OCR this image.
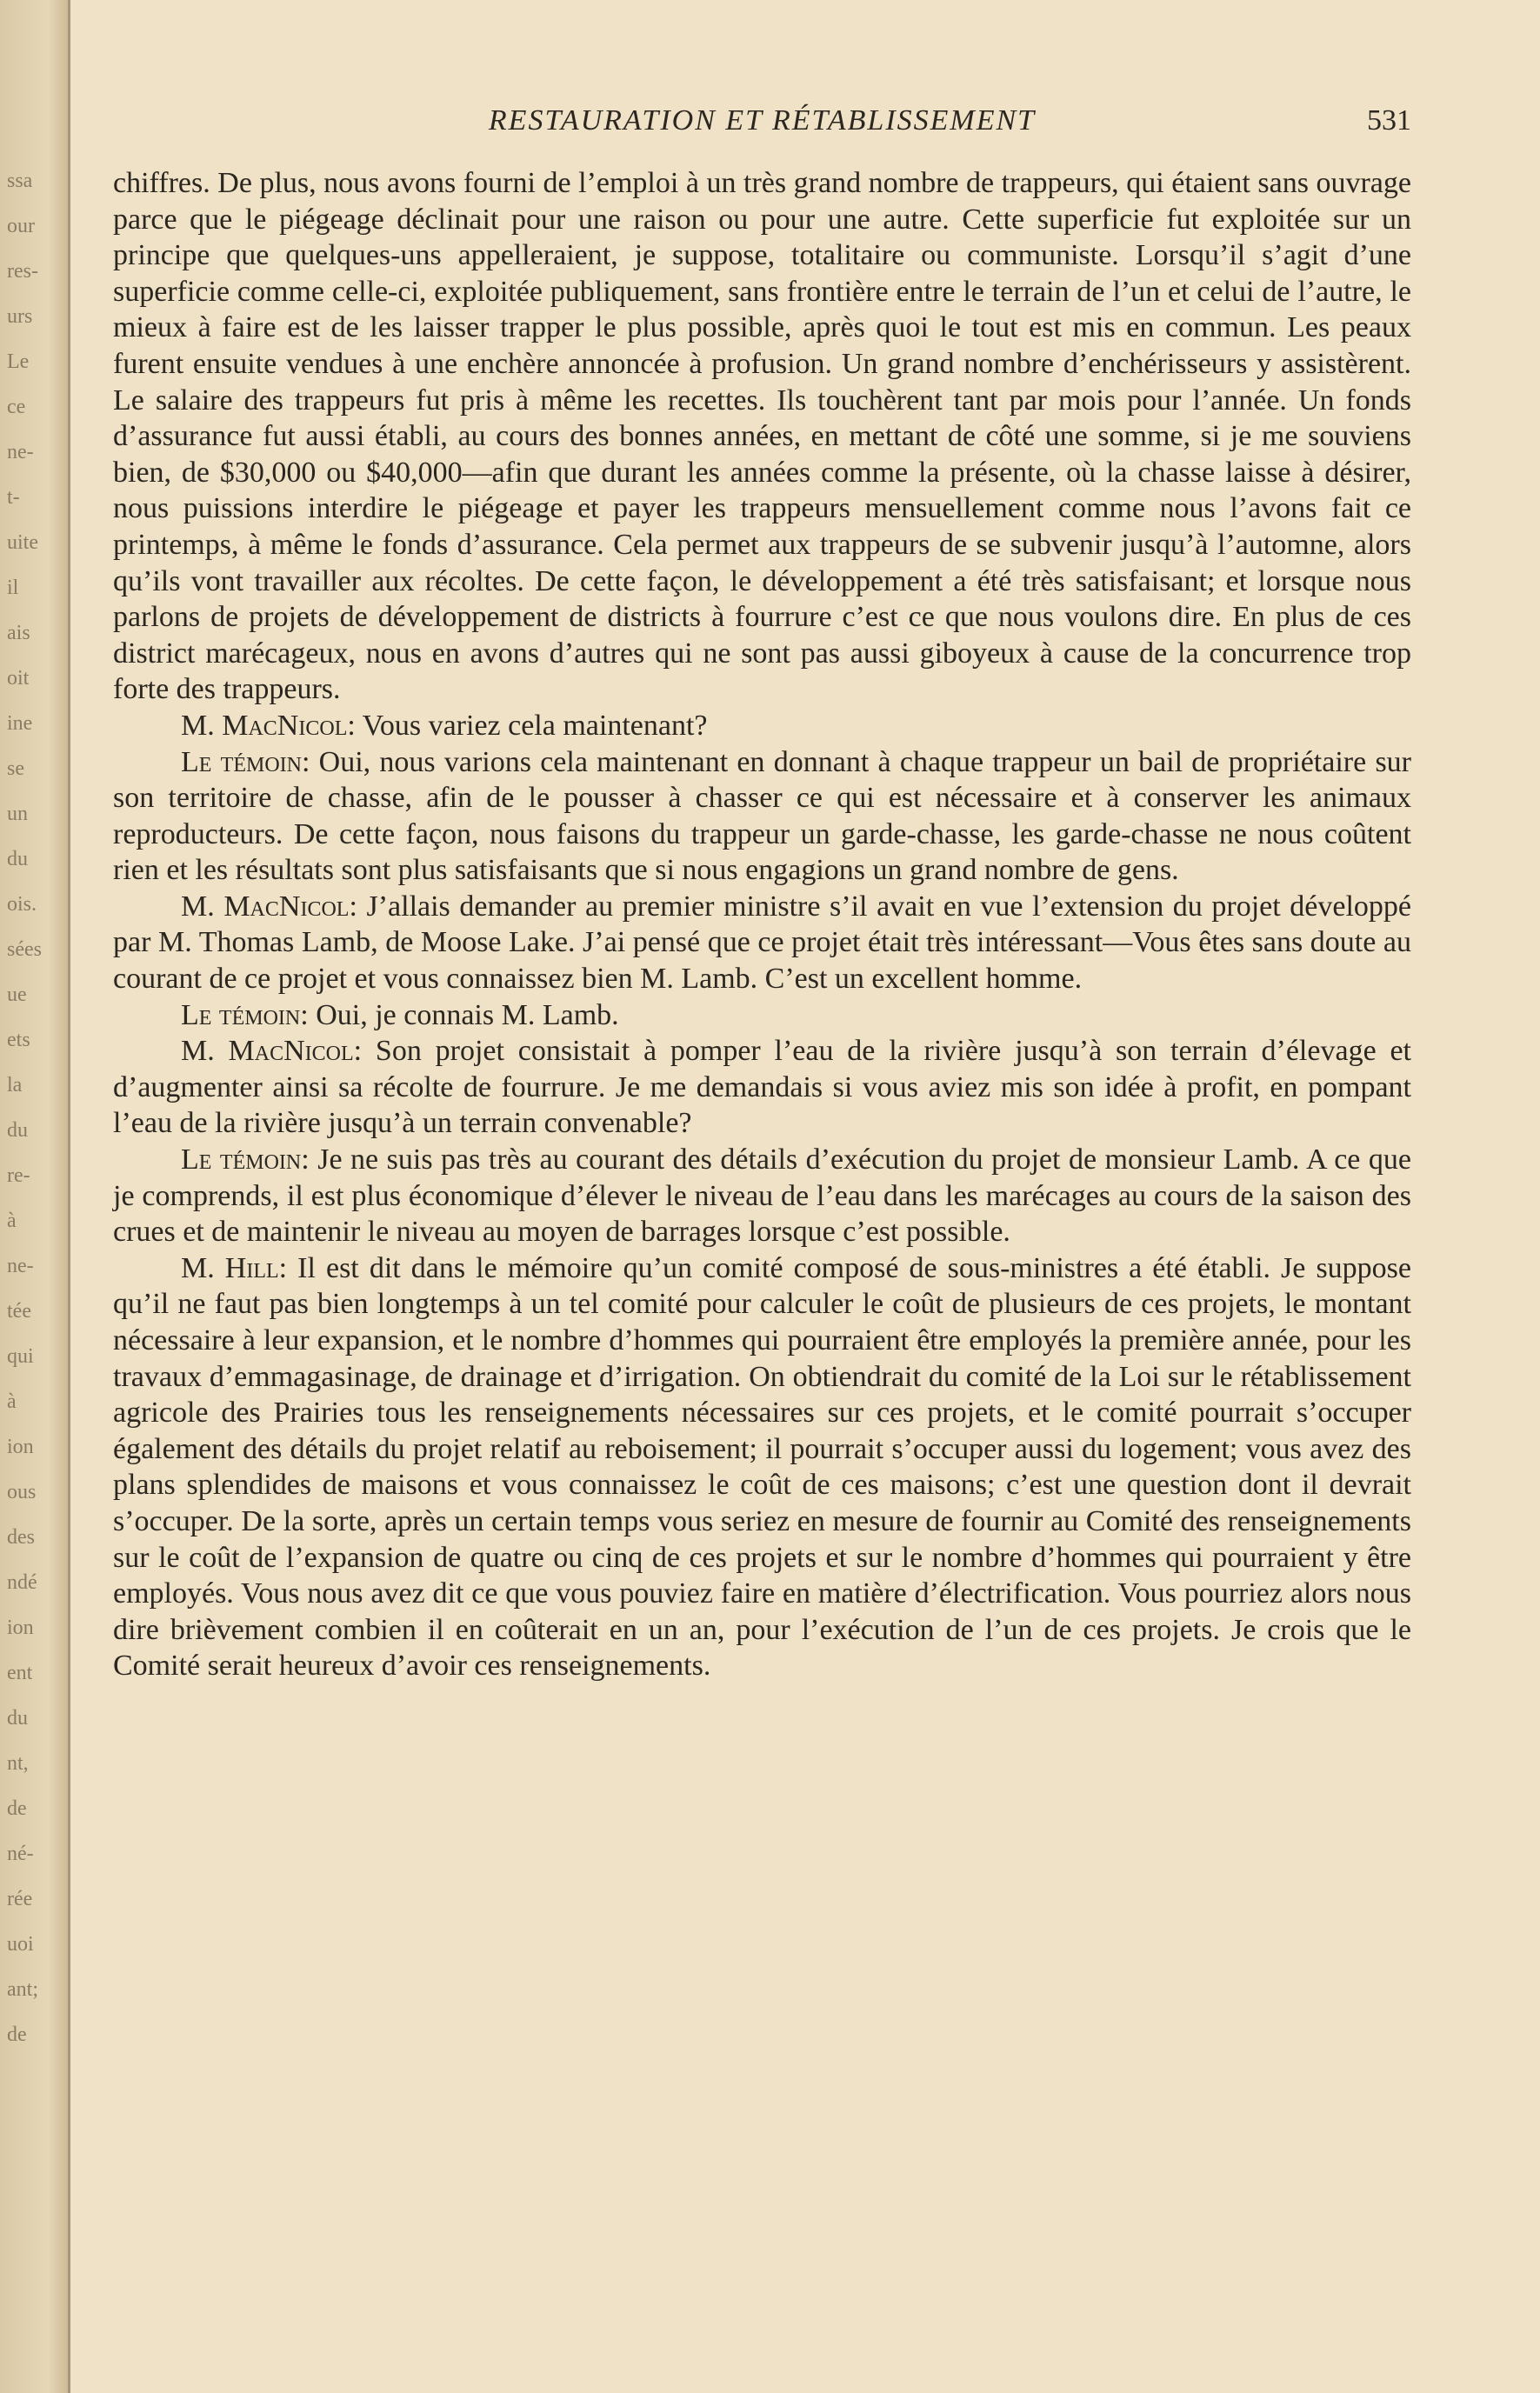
ssa
our
res-
urs
Le
ce
ne-
t-
uite
il
ais
oit
ine
se
un
du
ois.
sées
ue
ets
la
du
re-
à
ne-
tée
qui
à
ion
ous
des
ndé
ion
ent
du
nt,
de
né-
rée
uoi
ant;
de
RESTAURATION ET RÉTABLISSEMENT	531

chiffres. De plus, nous avons fourni de l’emploi à un très grand nombre de trappeurs, qui étaient sans ouvrage parce que le piégeage déclinait pour une raison ou pour une autre. Cette superficie fut exploitée sur un principe que quelques-uns appelleraient, je suppose, totalitaire ou communiste. Lorsqu’il s’agit d’une superficie comme celle-ci, exploitée publiquement, sans frontière entre le terrain de l’un et celui de l’autre, le mieux à faire est de les laisser trapper le plus possible, après quoi le tout est mis en commun. Les peaux furent ensuite vendues à une enchère annoncée à profusion. Un grand nombre d’enchérisseurs y assistèrent. Le salaire des trappeurs fut pris à même les recettes. Ils touchèrent tant par mois pour l’année. Un fonds d’assurance fut aussi établi, au cours des bonnes années, en mettant de côté une somme, si je me souviens bien, de $30,000 ou $40,000—afin que durant les années comme la présente, où la chasse laisse à désirer, nous puissions interdire le piégeage et payer les trappeurs mensuellement comme nous l’avons fait ce printemps, à même le fonds d’assurance. Cela permet aux trappeurs de se subvenir jusqu’à l’automne, alors qu’ils vont travailler aux récoltes. De cette façon, le développement a été très satisfaisant; et lorsque nous parlons de projets de développement de districts à fourrure c’est ce que nous voulons dire. En plus de ces district marécageux, nous en avons d’autres qui ne sont pas aussi giboyeux à cause de la concurrence trop forte des trappeurs.

M. MacNicol: Vous variez cela maintenant?

Le témoin: Oui, nous varions cela maintenant en donnant à chaque trappeur un bail de propriétaire sur son territoire de chasse, afin de le pousser à chasser ce qui est nécessaire et à conserver les animaux reproducteurs. De cette façon, nous faisons du trappeur un garde-chasse, les garde-chasse ne nous coûtent rien et les résultats sont plus satisfaisants que si nous engagions un grand nombre de gens.

M. MacNicol: J’allais demander au premier ministre s’il avait en vue l’extension du projet développé par M. Thomas Lamb, de Moose Lake. J’ai pensé que ce projet était très intéressant—Vous êtes sans doute au courant de ce projet et vous connaissez bien M. Lamb. C’est un excellent homme.

Le témoin: Oui, je connais M. Lamb.

M. MacNicol: Son projet consistait à pomper l’eau de la rivière jusqu’à son terrain d’élevage et d’augmenter ainsi sa récolte de fourrure. Je me demandais si vous aviez mis son idée à profit, en pompant l’eau de la rivière jusqu’à un terrain convenable?

Le témoin: Je ne suis pas très au courant des détails d’exécution du projet de monsieur Lamb. A ce que je comprends, il est plus économique d’élever le niveau de l’eau dans les marécages au cours de la saison des crues et de maintenir le niveau au moyen de barrages lorsque c’est possible.

M. Hill: Il est dit dans le mémoire qu’un comité composé de sous-ministres a été établi. Je suppose qu’il ne faut pas bien longtemps à un tel comité pour calculer le coût de plusieurs de ces projets, le montant nécessaire à leur expansion, et le nombre d’hommes qui pourraient être employés la première année, pour les travaux d’emmagasinage, de drainage et d’irrigation. On obtiendrait du comité de la Loi sur le rétablissement agricole des Prairies tous les renseignements nécessaires sur ces projets, et le comité pourrait s’occuper également des détails du projet relatif au reboisement; il pourrait s’occuper aussi du logement; vous avez des plans splendides de maisons et vous connaissez le coût de ces maisons; c’est une question dont il devrait s’occuper. De la sorte, après un certain temps vous seriez en mesure de fournir au Comité des renseignements sur le coût de l’expansion de quatre ou cinq de ces projets et sur le nombre d’hommes qui pourraient y être employés. Vous nous avez dit ce que vous pouviez faire en matière d’électrification. Vous pourriez alors nous dire brièvement combien il en coûterait en un an, pour l’exécution de l’un de ces projets. Je crois que le Comité serait heureux d’avoir ces renseignements.
